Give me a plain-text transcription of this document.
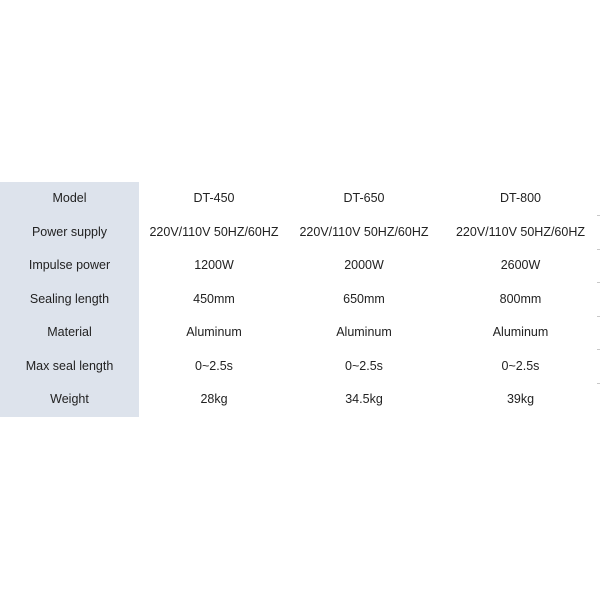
Model	DT-450	DT-650	DT-800
Power supply	220V/110V 50HZ/60HZ	220V/110V 50HZ/60HZ	220V/110V 50HZ/60HZ
Impulse power	1200W	2000W	2600W
Sealing length	450mm	650mm	800mm
Material	Aluminum	Aluminum	Aluminum
Max seal length	0~2.5s	0~2.5s	0~2.5s
Weight	28kg	34.5kg	39kg
